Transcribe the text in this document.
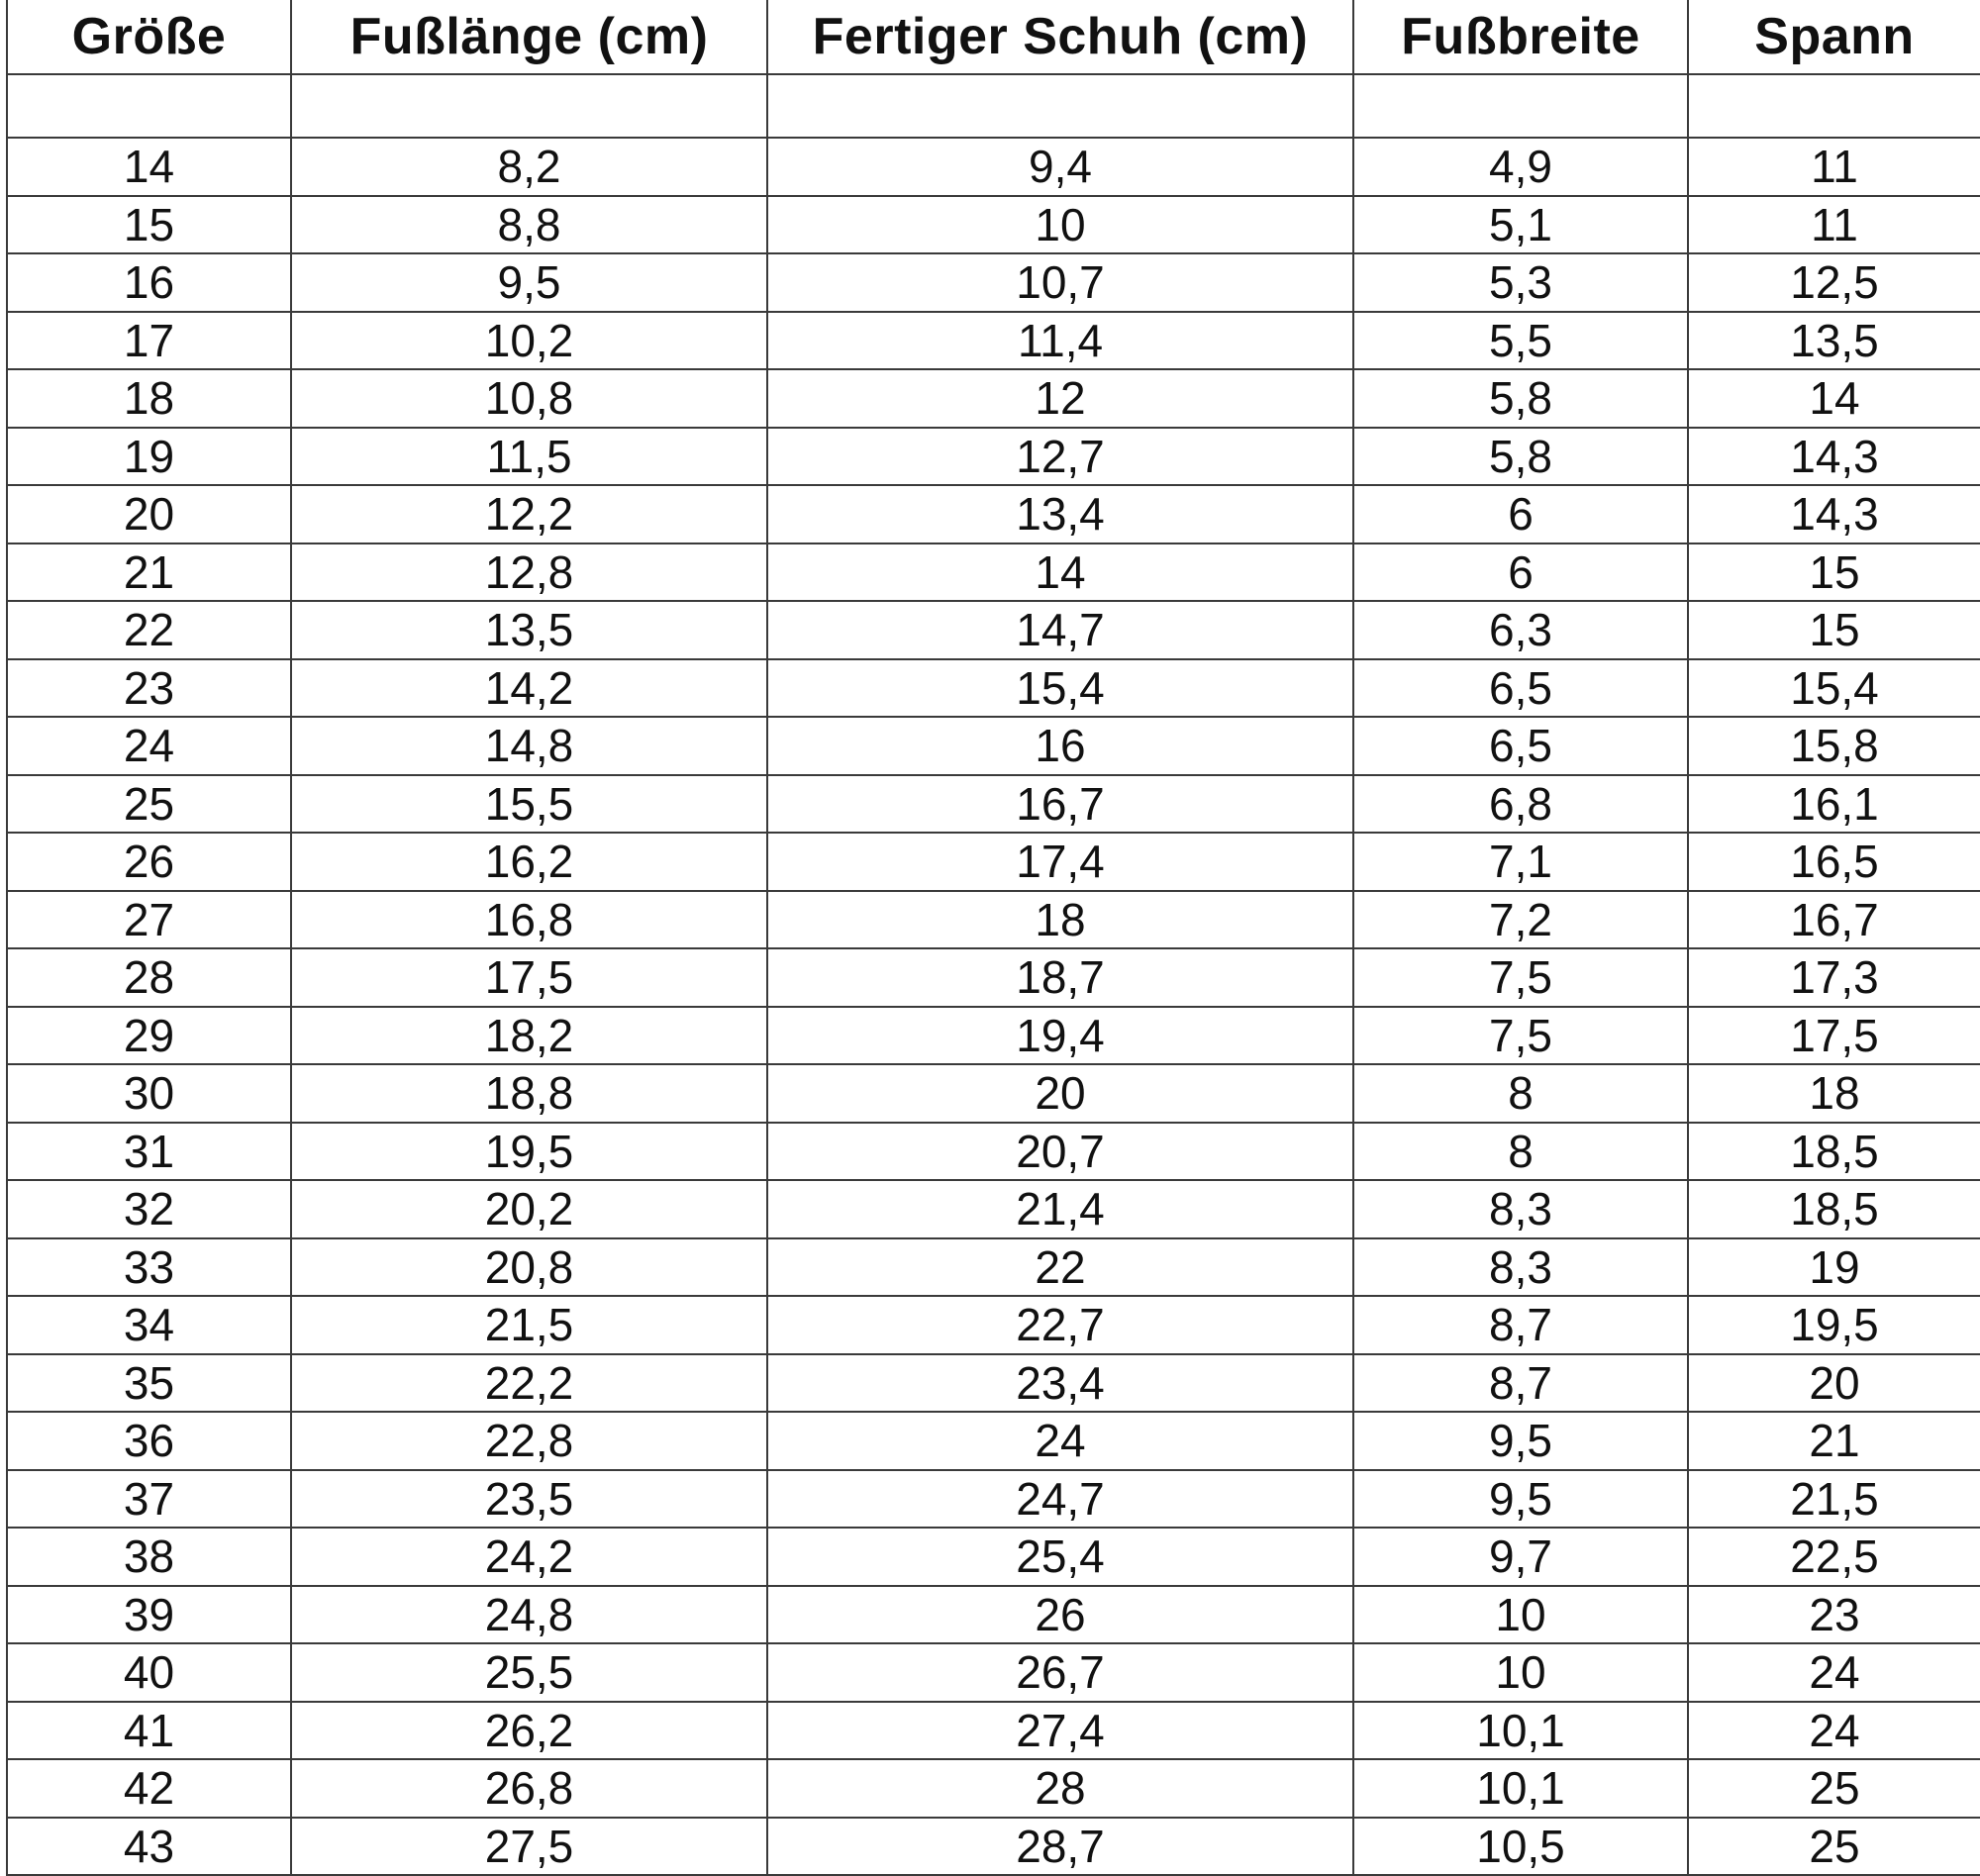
Größe	Fußlänge (cm)	Fertiger Schuh (cm)	Fußbreite	Spann

14	8,2	9,4	4,9	11
15	8,8	10	5,1	11
16	9,5	10,7	5,3	12,5
17	10,2	11,4	5,5	13,5
18	10,8	12	5,8	14
19	11,5	12,7	5,8	14,3
20	12,2	13,4	6	14,3
21	12,8	14	6	15
22	13,5	14,7	6,3	15
23	14,2	15,4	6,5	15,4
24	14,8	16	6,5	15,8
25	15,5	16,7	6,8	16,1
26	16,2	17,4	7,1	16,5
27	16,8	18	7,2	16,7
28	17,5	18,7	7,5	17,3
29	18,2	19,4	7,5	17,5
30	18,8	20	8	18
31	19,5	20,7	8	18,5
32	20,2	21,4	8,3	18,5
33	20,8	22	8,3	19
34	21,5	22,7	8,7	19,5
35	22,2	23,4	8,7	20
36	22,8	24	9,5	21
37	23,5	24,7	9,5	21,5
38	24,2	25,4	9,7	22,5
39	24,8	26	10	23
40	25,5	26,7	10	24
41	26,2	27,4	10,1	24
42	26,8	28	10,1	25
43	27,5	28,7	10,5	25
